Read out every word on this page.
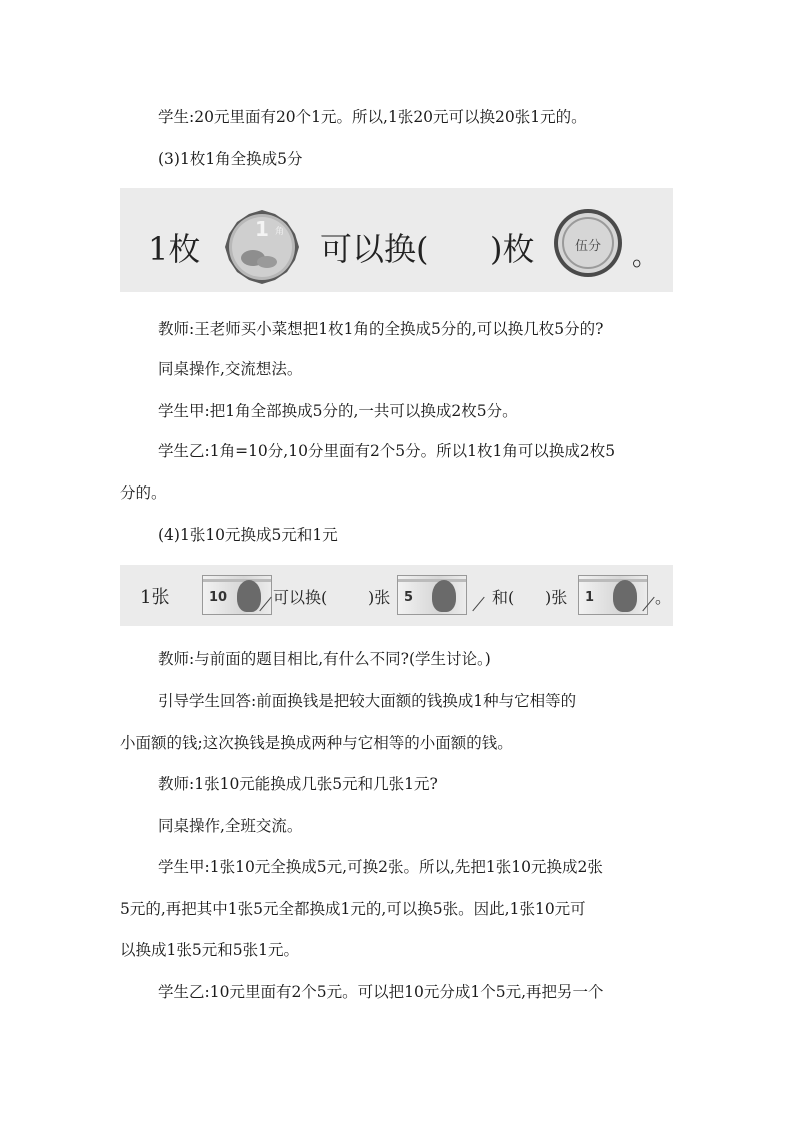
学生:20元里面有20个1元。所以,1张20元可以换20张1元的。
(3)1枚1角全换成5分
1枚
1 角 可以换( )枚	伍分 。
教师:王老师买小菜想把1枚1角的全换成5分的,可以换几枚5分的?
同桌操作,交流想法。
学生甲:把1角全部换成5分的,一共可以换成2枚5分。
学生乙:1角=10分,10分里面有2个5分。所以1枚1角可以换成2枚5
分的。
(4)1张10元换成5元和1元
1张	10	可以换(	)张 5	和( )张 1	。
教师:与前面的题目相比,有什么不同?(学生讨论。)
引导学生回答:前面换钱是把较大面额的钱换成1种与它相等的
小面额的钱;这次换钱是换成两种与它相等的小面额的钱。
教师:1张10元能换成几张5元和几张1元?
同桌操作,全班交流。
学生甲:1张10元全换成5元,可换2张。所以,先把1张10元换成2张
5元的,再把其中1张5元全都换成1元的,可以换5张。因此,1张10元可
以换成1张5元和5张1元。
学生乙:10元里面有2个5元。可以把10元分成1个5元,再把另一个
